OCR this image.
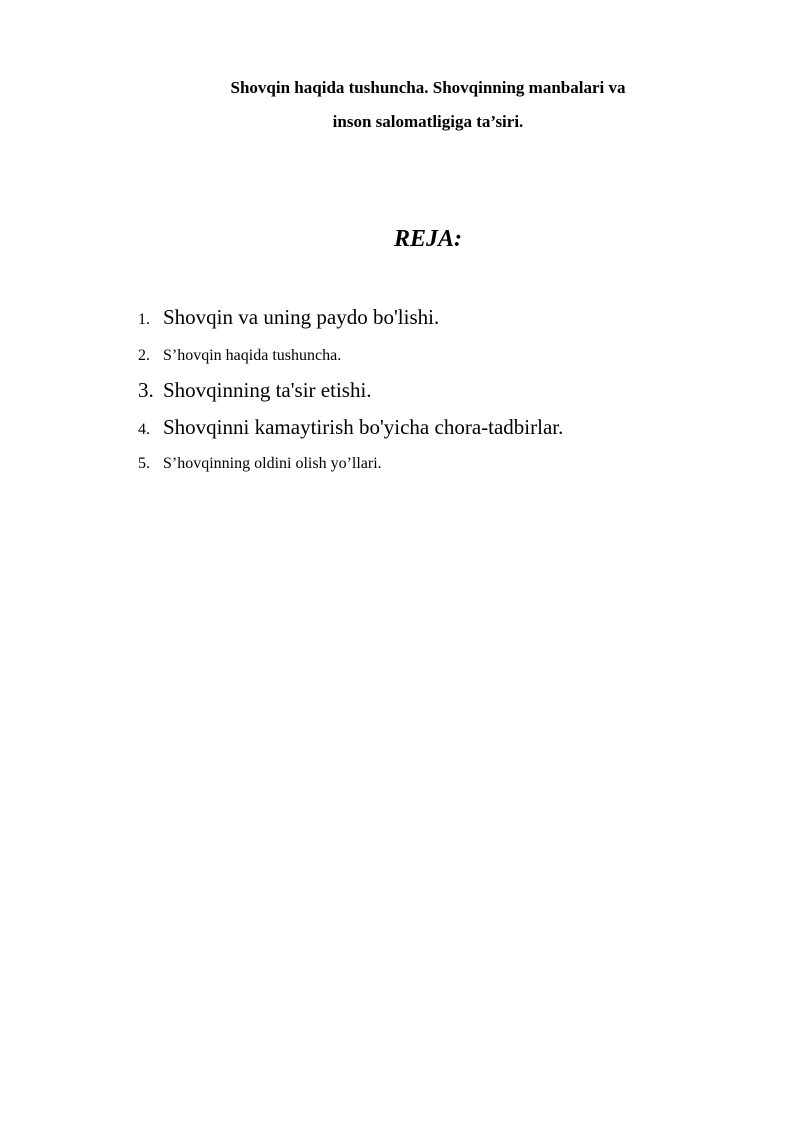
Shovqin haqida tushuncha. Shovqinning manbalari va
inson salomatligiga ta’siri.
REJA:
1. Shovqin va uning paydo bo'lishi.
2. S’hovqin haqida tushuncha.
3. Shovqinning ta'sir etishi.
4. Shovqinni kamaytirish bo'yicha chora-tadbirlar.
5. S’hovqinning oldini olish yo’llari.
